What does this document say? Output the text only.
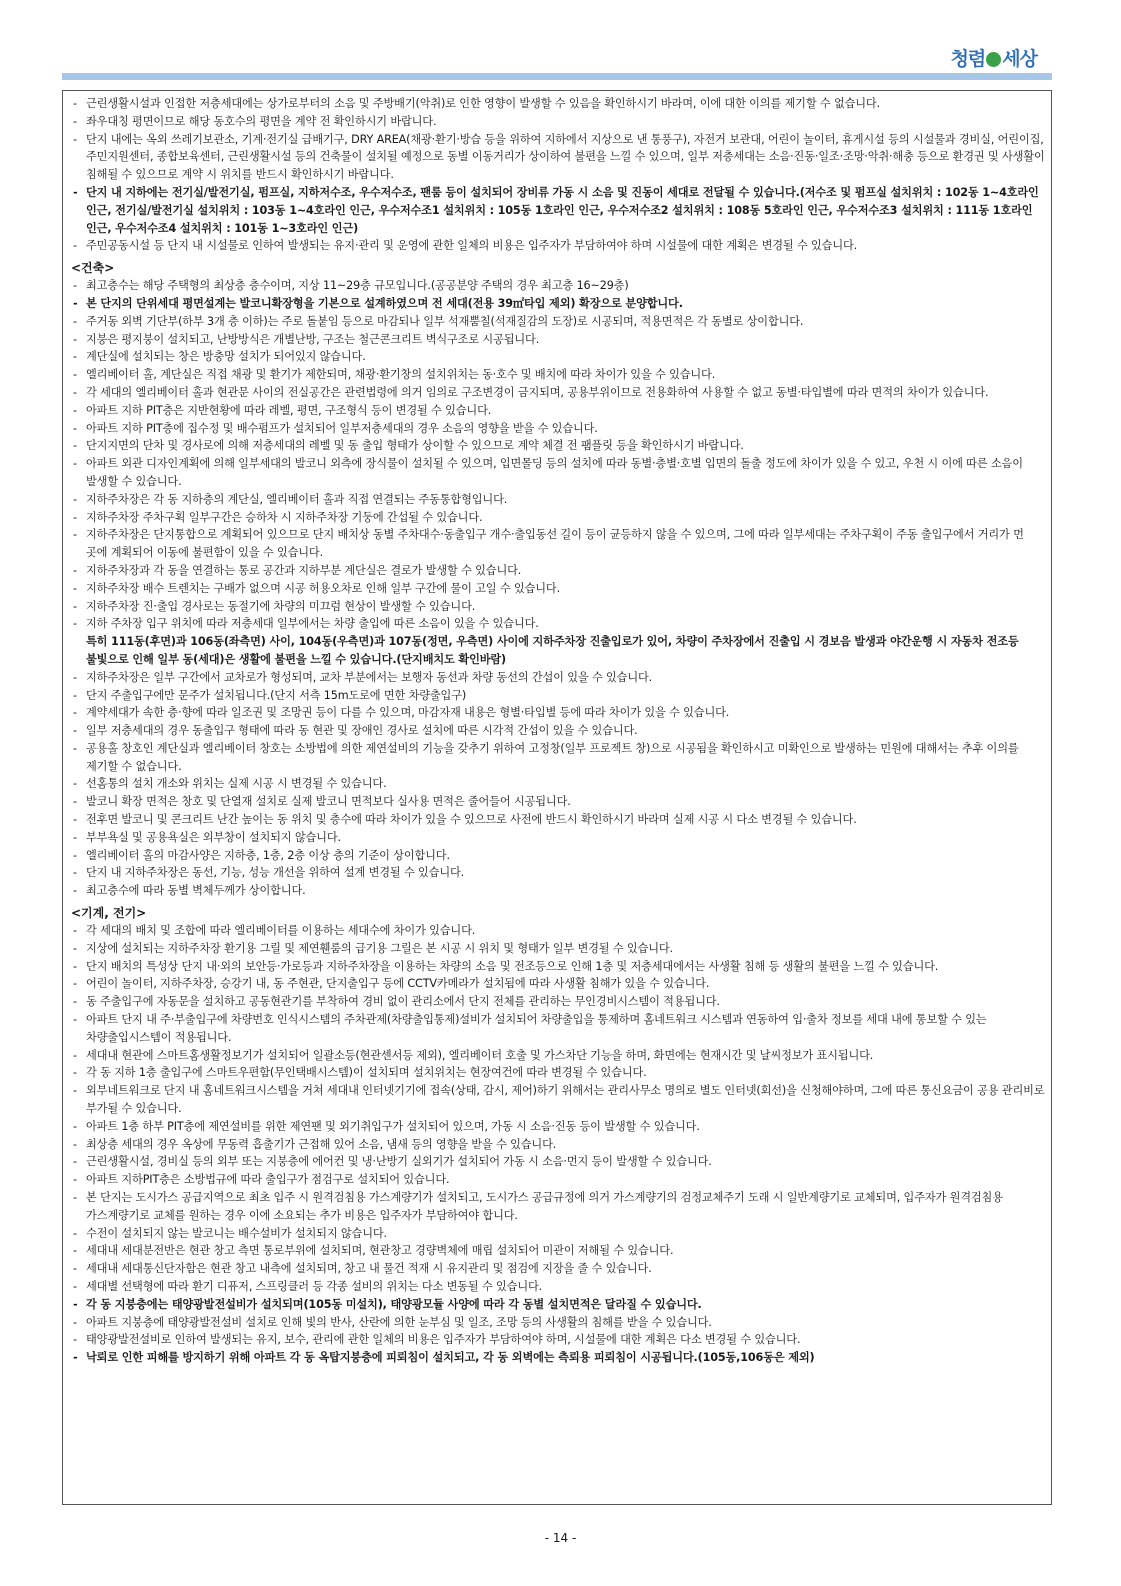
청렴 세상
- 근린생활시설과 인접한 저층세대에는 상가로부터의 소음 및 주방배기(악취)로 인한 영향이 발생할 수 있음을 확인하시기 바라며, 이에 대한 이의를 제기할 수 없습니다.
- 좌우대칭 평면이므로 해당 동호수의 평면을 계약 전 확인하시기 바랍니다.
- 단지 내에는 옥외 쓰레기보관소, 기계·전기실 급배기구, DRY AREA(채광·환기·방습 등을 위하여 지하에서 지상으로 낸 통풍구), 자전거 보관대, 어린이 놀이터, 휴게시설 등의 시설물과 경비실, 어린이집, 주민지원센터, 종합보육센터, 근린생활시설 등의 건축물이 설치될 예정으로 동별 이동거리가 상이하여 불편을 느낄 수 있으며, 일부 저층세대는 소음·진동·일조·조망·악취·해충 등으로 환경권 및 사생활이 침해될 수 있으므로 계약 시 위치를 반드시 확인하시기 바랍니다.
- 단지 내 지하에는 전기실/발전기실, 펌프실, 지하저수조, 우수저수조, 팬룸 등이 설치되어 장비류 가동 시 소음 및 진동이 세대로 전달될 수 있습니다.(저수조 및 펌프실 설치위치 : 102동 1~4호라인 인근, 전기실/발전기실 설치위치 : 103동 1~4호라인 인근, 우수저수조1 설치위치 : 105동 1호라인 인근, 우수저수조2 설치위치 : 108동 5호라인 인근, 우수저수조3 설치위치 : 111동 1호라인 인근, 우수저수조4 설치위치 : 101동 1~3호라인 인근)
- 주민공동시설 등 단지 내 시설물로 인하여 발생되는 유지·관리 및 운영에 관한 일체의 비용은 입주자가 부담하여야 하며 시설물에 대한 계획은 변경될 수 있습니다.
<건축>
- 최고층수는 해당 주택형의 최상층 층수이며, 지상 11~29층 규모입니다.(공공분양 주택의 경우 최고층 16~29층)
- 본 단지의 단위세대 평면설계는 발코니확장형을 기본으로 설계하였으며 전 세대(전용 39㎡타입 제외) 확장으로 분양합니다.
- 주거동 외벽 기단부(하부 3개 층 이하)는 주로 돌붙임 등으로 마감되나 일부 석재뿜칠(석재질감의 도장)로 시공되며, 적용면적은 각 동별로 상이합니다.
- 지붕은 평지붕이 설치되고, 난방방식은 개별난방, 구조는 철근콘크리트 벽식구조로 시공됩니다.
- 계단실에 설치되는 창은 방충망 설치가 되어있지 않습니다.
- 엘리베이터 홀, 계단실은 직접 채광 및 환기가 제한되며, 채광·환기창의 설치위치는 동·호수 및 배치에 따라 차이가 있을 수 있습니다.
- 각 세대의 엘리베이터 홀과 현관문 사이의 전실공간은 관련법령에 의거 임의로 구조변경이 금지되며, 공용부위이므로 전용화하여 사용할 수 없고 동별·타입별에 따라 면적의 차이가 있습니다.
- 아파트 지하 PIT층은 지반현황에 따라 레벨, 평면, 구조형식 등이 변경될 수 있습니다.
- 아파트 지하 PIT층에 집수정 및 배수펌프가 설치되어 일부저층세대의 경우 소음의 영향을 받을 수 있습니다.
- 단지지면의 단차 및 경사로에 의해 저층세대의 레벨 및 동 출입 형태가 상이할 수 있으므로 계약 체결 전 팸플릿 등을 확인하시기 바랍니다.
- 아파트 외관 디자인계획에 의해 일부세대의 발코니 외측에 장식물이 설치될 수 있으며, 입면몰딩 등의 설치에 따라 동별·층별·호별 입면의 돌출 정도에 차이가 있을 수 있고, 우천 시 이에 따른 소음이 발생할 수 있습니다.
- 지하주차장은 각 동 지하층의 계단실, 엘리베이터 홀과 직접 연결되는 주동통합형입니다.
- 지하주차장 주차구획 일부구간은 승하차 시 지하주차장 기둥에 간섭될 수 있습니다.
- 지하주차장은 단지통합으로 계획되어 있으므로 단지 배치상 동별 주차대수·동출입구 개수·출입동선 길이 등이 균등하지 않을 수 있으며, 그에 따라 일부세대는 주차구획이 주동 출입구에서 거리가 먼 곳에 계획되어 이동에 불편함이 있을 수 있습니다.
- 지하주차장과 각 동을 연결하는 통로 공간과 지하부분 계단실은 결로가 발생할 수 있습니다.
- 지하주차장 배수 트렌치는 구배가 없으며 시공 허용오차로 인해 일부 구간에 물이 고일 수 있습니다.
- 지하주차장 진·출입 경사로는 동절기에 차량의 미끄럼 현상이 발생할 수 있습니다.
- 지하 주차장 입구 위치에 따라 저층세대 일부에서는 차량 출입에 따른 소음이 있을 수 있습니다.
특히 111동(후면)과 106동(좌측면) 사이, 104동(우측면)과 107동(정면, 우측면) 사이에 지하주차장 진출입로가 있어, 차량이 주차장에서 진출입 시 경보음 발생과 야간운행 시 자동차 전조등 불빛으로 인해 일부 동(세대)은 생활에 불편을 느낄 수 있습니다.(단지배치도 확인바람)
- 지하주차장은 일부 구간에서 교차로가 형성되며, 교차 부분에서는 보행자 동선과 차량 동선의 간섭이 있을 수 있습니다.
- 단지 주출입구에만 문주가 설치됩니다.(단지 서측 15m도로에 면한 차량출입구)
- 계약세대가 속한 층·향에 따라 일조권 및 조망권 등이 다를 수 있으며, 마감자재 내용은 형별·타입별 등에 따라 차이가 있을 수 있습니다.
- 일부 저층세대의 경우 동출입구 형태에 따라 동 현관 및 장애인 경사로 설치에 따른 시각적 간섭이 있을 수 있습니다.
- 공용홀 창호인 계단실과 엘리베이터 창호는 소방법에 의한 제연설비의 기능을 갖추기 위하여 고정창(일부 프로젝트 창)으로 시공됨을 확인하시고 미확인으로 발생하는 민원에 대해서는 추후 이의를 제기할 수 없습니다.
- 선홈통의 설치 개소와 위치는 실제 시공 시 변경될 수 있습니다.
- 발코니 확장 면적은 창호 및 단열재 설치로 실제 발코니 면적보다 실사용 면적은 줄어들어 시공됩니다.
- 전후면 발코니 및 콘크리트 난간 높이는 동 위치 및 층수에 따라 차이가 있을 수 있으므로 사전에 반드시 확인하시기 바라며 실제 시공 시 다소 변경될 수 있습니다.
- 부부욕실 및 공용욕실은 외부창이 설치되지 않습니다.
- 엘리베이터 홀의 마감사양은 지하층, 1층, 2층 이상 층의 기준이 상이합니다.
- 단지 내 지하주차장은 동선, 기능, 성능 개선을 위하여 설계 변경될 수 있습니다.
- 최고층수에 따라 동별 벽체두께가 상이합니다.
<기계, 전기>
- 각 세대의 배치 및 조합에 따라 엘리베이터를 이용하는 세대수에 차이가 있습니다.
- 지상에 설치되는 지하주차장 환기용 그릴 및 제연휀룸의 급기용 그릴은 본 시공 시 위치 및 형태가 일부 변경될 수 있습니다.
- 단지 배치의 특성상 단지 내·외의 보안등·가로등과 지하주차장을 이용하는 차량의 소음 및 전조등으로 인해 1층 및 저층세대에서는 사생활 침해 등 생활의 불편을 느낄 수 있습니다.
- 어린이 놀이터, 지하주차장, 승강기 내, 동 주현관, 단지출입구 등에 CCTV카메라가 설치됨에 따라 사생활 침해가 있을 수 있습니다.
- 동 주출입구에 자동문을 설치하고 공동현관기를 부착하여 경비 없이 관리소에서 단지 전체를 관리하는 무인경비시스템이 적용됩니다.
- 아파트 단지 내 주·부출입구에 차량번호 인식시스템의 주차관제(차량출입통제)설비가 설치되어 차량출입을 통제하며 홈네트워크 시스템과 연동하여 입·출차 정보를 세대 내에 통보할 수 있는 차량출입시스템이 적용됩니다.
- 세대내 현관에 스마트홈생활정보기가 설치되어 일괄소등(현관센서등 제외), 엘리베이터 호출 및 가스차단 기능을 하며, 화면에는 현재시간 및 날씨정보가 표시됩니다.
- 각 동 지하 1층 출입구에 스마트우편함(무인택배시스템)이 설치되며 설치위치는 현장여건에 따라 변경될 수 있습니다.
- 외부네트워크로 단지 내 홈네트워크시스템을 거쳐 세대내 인터넷기기에 접속(상태, 감시, 제어)하기 위해서는 관리사무소 명의로 별도 인터넷(회선)을 신청해야하며, 그에 따른 통신요금이 공용 관리비로 부가될 수 있습니다.
- 아파트 1층 하부 PIT층에 제연설비를 위한 제연팬 및 외기취입구가 설치되어 있으며, 가동 시 소음·진동 등이 발생할 수 있습니다.
- 최상층 세대의 경우 옥상에 무동력 흡출기가 근접해 있어 소음, 냄새 등의 영향을 받을 수 있습니다.
- 근린생활시설, 경비실 등의 외부 또는 지붕층에 에어컨 및 냉·난방기 실외기가 설치되어 가동 시 소음·먼지 등이 발생할 수 있습니다.
- 아파트 지하PIT층은 소방법규에 따라 출입구가 점검구로 설치되어 있습니다.
- 본 단지는 도시가스 공급지역으로 최초 입주 시 원격검침용 가스계량기가 설치되고, 도시가스 공급규정에 의거 가스계량기의 검정교체주기 도래 시 일반계량기로 교체되며, 입주자가 원격검침용 가스계량기로 교체를 원하는 경우 이에 소요되는 추가 비용은 입주자가 부담하여야 합니다.
- 수전이 설치되지 않는 발코니는 배수설비가 설치되지 않습니다.
- 세대내 세대분전반은 현관 창고 측면 통로부위에 설치되며, 현관창고 경량벽체에 매립 설치되어 미관이 저해될 수 있습니다.
- 세대내 세대통신단자함은 현관 창고 내측에 설치되며, 창고 내 물건 적재 시 유지관리 및 점검에 지장을 줄 수 있습니다.
- 세대별 선택형에 따라 환기 디퓨저, 스프링클러 등 각종 설비의 위치는 다소 변동될 수 있습니다.
- 각 동 지붕층에는 태양광발전설비가 설치되며(105동 미설치), 태양광모듈 사양에 따라 각 동별 설치면적은 달라질 수 있습니다.
- 아파트 지붕층에 태양광발전설비 설치로 인해 빛의 반사, 산란에 의한 눈부심 및 일조, 조망 등의 사생활의 침해를 받을 수 있습니다.
- 태양광발전설비로 인하여 발생되는 유지, 보수, 관리에 관한 일체의 비용은 입주자가 부담하여야 하며, 시설물에 대한 계획은 다소 변경될 수 있습니다.
- 낙뢰로 인한 피해를 방지하기 위해 아파트 각 동 옥탑지붕층에 피뢰침이 설치되고, 각 동 외벽에는 측뢰용 피뢰침이 시공됩니다.(105동,106동은 제외)
- 14 -
